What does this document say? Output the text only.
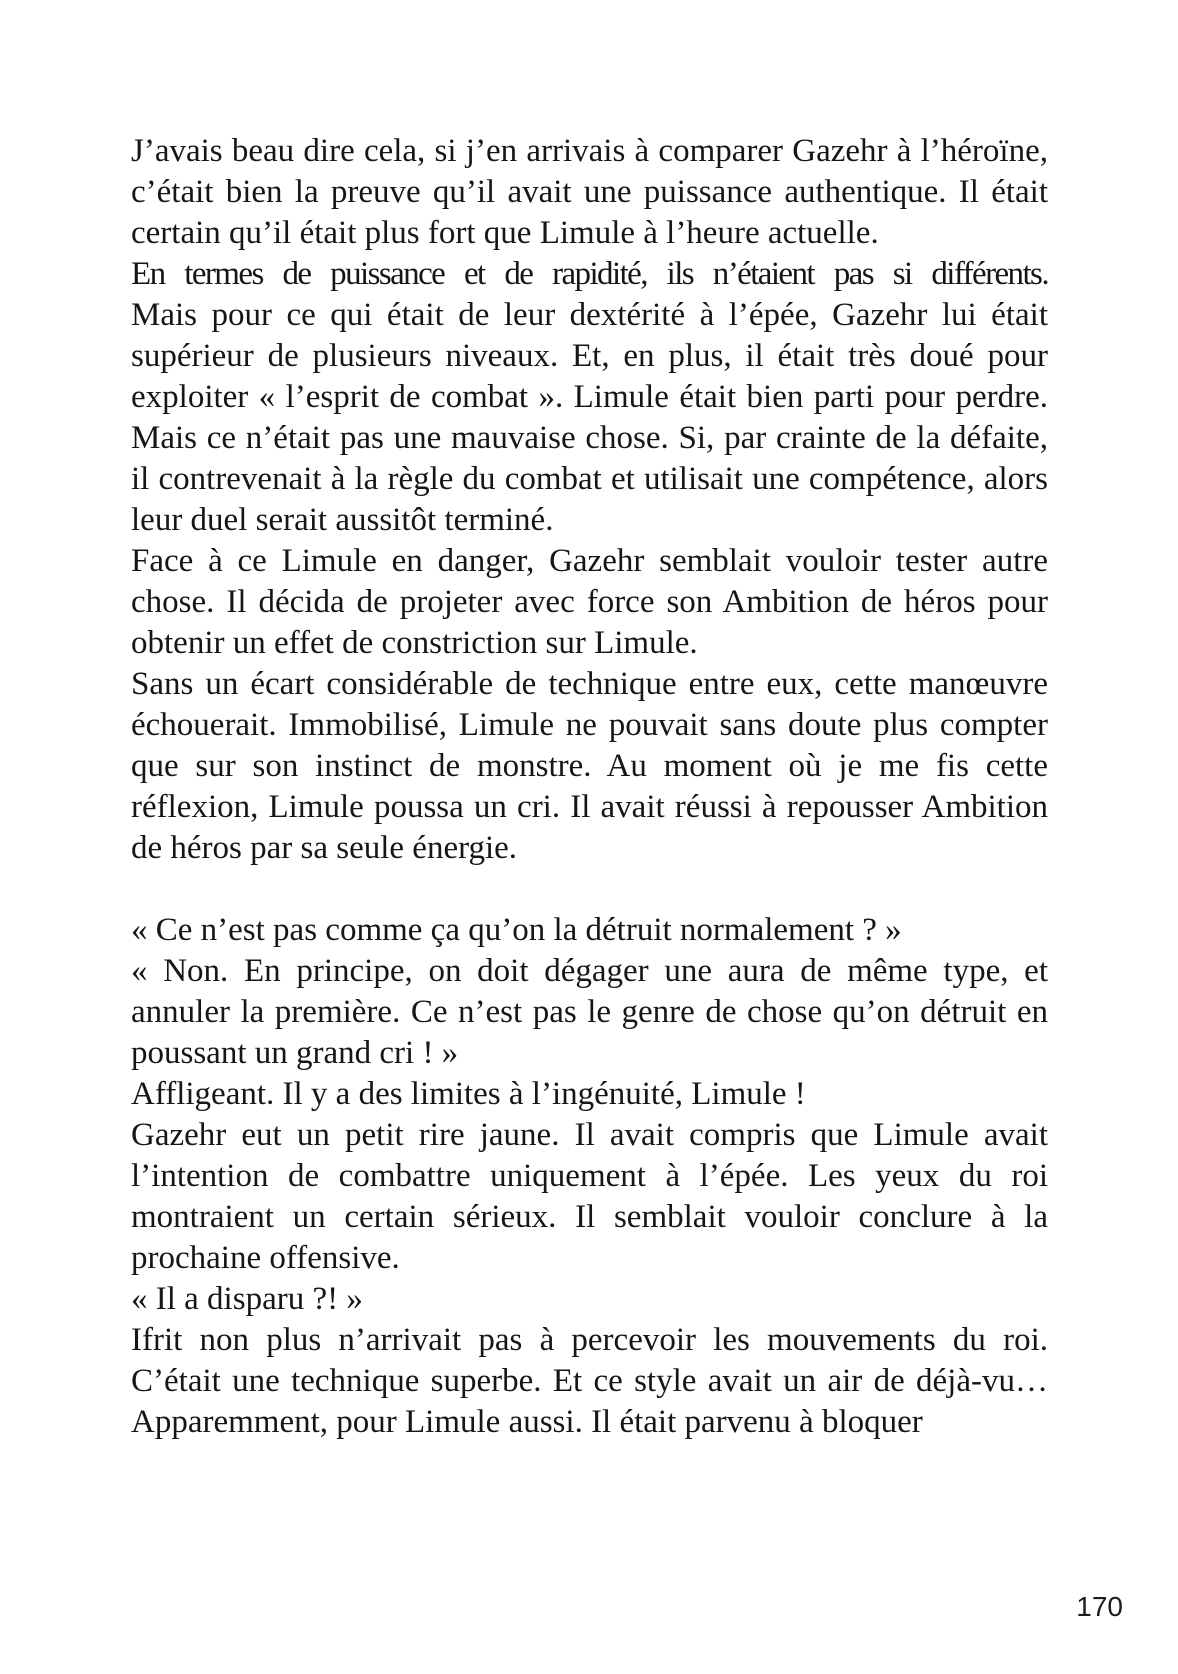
J’avais beau dire cela, si j’en arrivais à comparer Gazehr à l’héroïne, c’était bien la preuve qu’il avait une puissance authentique. Il était certain qu’il était plus fort que Limule à l’heure actuelle.

En termes de puissance et de rapidité, ils n’étaient pas si différents.

Mais pour ce qui était de leur dextérité à l’épée, Gazehr lui était supérieur de plusieurs niveaux. Et, en plus, il était très doué pour exploiter « l’esprit de combat ». Limule était bien parti pour perdre. Mais ce n’était pas une mauvaise chose. Si, par crainte de la défaite, il contrevenait à la règle du combat et utilisait une compétence, alors leur duel serait aussitôt terminé.

Face à ce Limule en danger, Gazehr semblait vouloir tester autre chose. Il décida de projeter avec force son Ambition de héros pour obtenir un effet de constriction sur Limule.

Sans un écart considérable de technique entre eux, cette manœuvre échouerait. Immobilisé, Limule ne pouvait sans doute plus compter que sur son instinct de monstre. Au moment où je me fis cette réflexion, Limule poussa un cri. Il avait réussi à repousser Ambition de héros par sa seule énergie.

« Ce n’est pas comme ça qu’on la détruit normalement ? »

« Non. En principe, on doit dégager une aura de même type, et annuler la première. Ce n’est pas le genre de chose qu’on détruit en poussant un grand cri ! »

Affligeant. Il y a des limites à l’ingénuité, Limule !

Gazehr eut un petit rire jaune. Il avait compris que Limule avait l’intention de combattre uniquement à l’épée. Les yeux du roi montraient un certain sérieux. Il semblait vouloir conclure à la prochaine offensive.

« Il a disparu ?! »

Ifrit non plus n’arrivait pas à percevoir les mouvements du roi. C’était une technique superbe. Et ce style avait un air de déjà-vu… Apparemment, pour Limule aussi. Il était parvenu à bloquer

170
